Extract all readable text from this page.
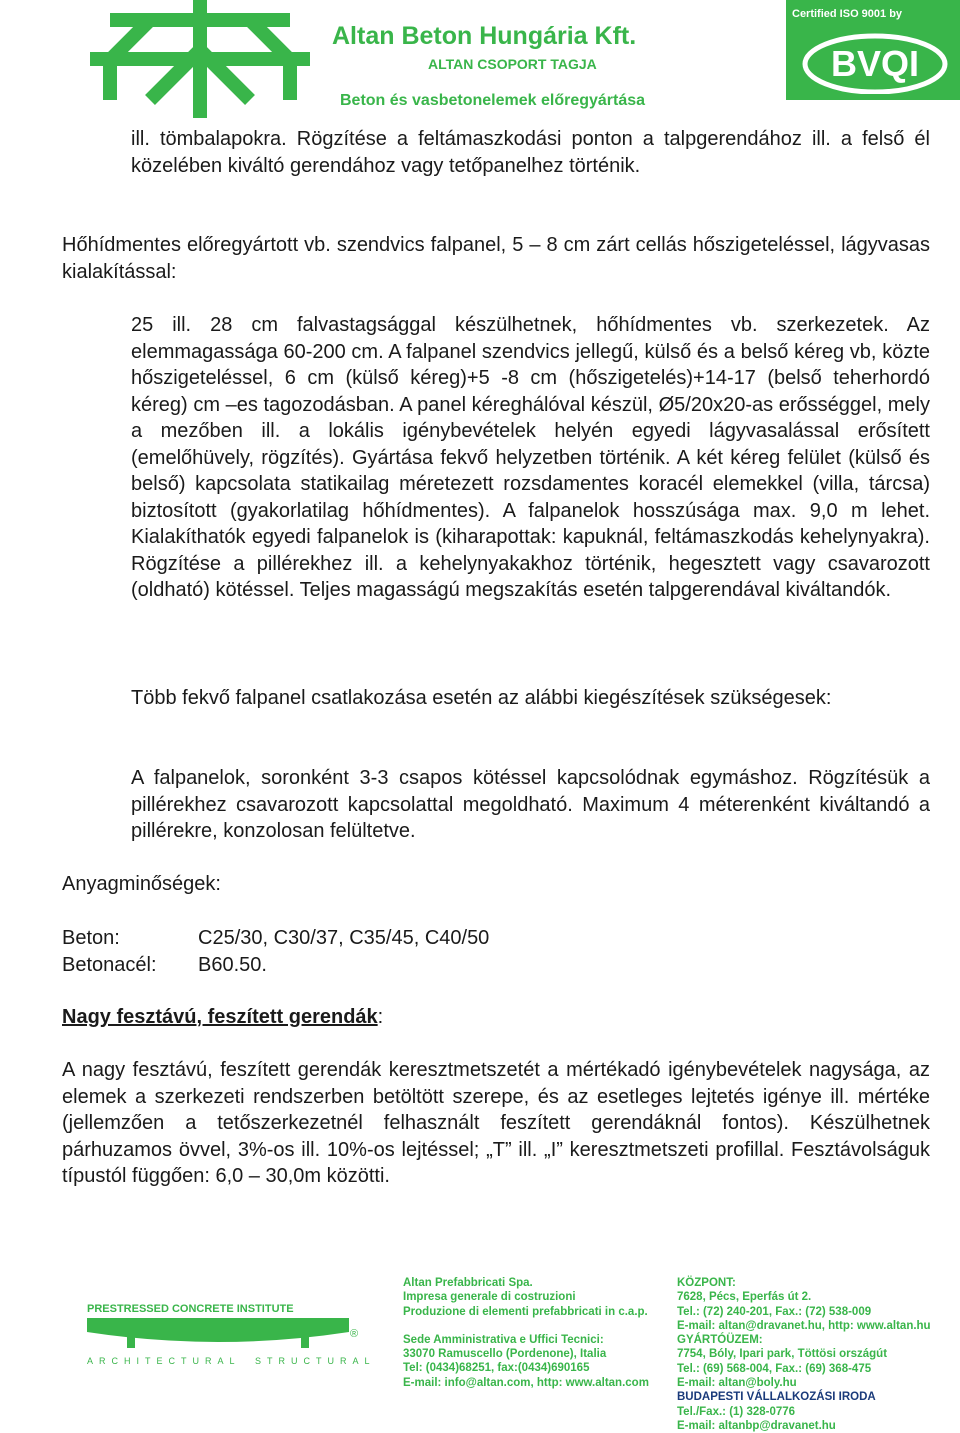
Altan Beton Hungária Kft.
ALTAN CSOPORT TAGJA
Beton és vasbetonelemek előregyártása
Certified ISO 9001 by
BVQI
ill. tömbalapokra. Rögzítése a feltámaszkodási ponton a talpgerendához ill. a felső él közelében kiváltó gerendához vagy tetőpanelhez történik.
Hőhídmentes előregyártott vb. szendvics falpanel, 5 – 8 cm zárt cellás hőszigeteléssel, lágyvasas kialakítással:
25 ill. 28 cm falvastagsággal készülhetnek, hőhídmentes vb. szerkezetek. Az elemmagassága 60-200 cm. A falpanel szendvics jellegű, külső és a belső kéreg vb, közte hőszigeteléssel, 6 cm (külső kéreg)+5 -8 cm (hőszigetelés)+14-17 (belső teherhordó kéreg) cm –es tagozodásban. A panel kéreghálóval készül, Ø5/20x20-as erősséggel, mely a mezőben ill. a lokális igénybevételek helyén egyedi lágyvasalással erősített (emelőhüvely, rögzítés). Gyártása fekvő helyzetben történik. A két kéreg felület (külső és belső) kapcsolata statikailag méretezett rozsdamentes koracél elemekkel (villa, tárcsa) biztosított (gyakorlatilag hőhídmentes). A falpanelok hosszúsága max. 9,0 m lehet. Kialakíthatók egyedi falpanelok is (kiharapottak: kapuknál, feltámaszkodás kehelynyakra). Rögzítése a pillérekhez ill. a kehelynyakakhoz történik, hegesztett vagy csavarozott (oldható) kötéssel. Teljes magasságú megszakítás esetén talpgerendával kiváltandók.
Több fekvő falpanel csatlakozása esetén az alábbi kiegészítések szükségesek:
A falpanelok, soronként 3-3 csapos kötéssel kapcsolódnak egymáshoz. Rögzítésük a pillérekhez csavarozott kapcsolattal megoldható. Maximum 4 méterenként kiváltandó a pillérekre, konzolosan felültetve.
Anyagminőségek:
Beton:	C25/30, C30/37, C35/45, C40/50
Betonacél: B60.50.
Nagy fesztávú, feszített gerendák:
A nagy fesztávú, feszített gerendák keresztmetszetét a mértékadó igénybevételek nagysága, az elemek a szerkezeti rendszerben betöltött szerepe, és az esetleges lejtetés igénye ill. mértéke (jellemzően a tetőszerkezetnél felhasznált feszített gerendáknál fontos). Készülhetnek párhuzamos övvel, 3%-os ill. 10%-os lejtéssel; „T” ill. „I” keresztmetszeti profillal. Fesztávolságuk típustól függően: 6,0 – 30,0m közötti.
PRESTRESSED CONCRETE INSTITUTE
®
ARCHITECTURAL STRUCTURAL
Altan Prefabbricati Spa.
Impresa generale di costruzioni
Produzione di elementi prefabbricati in c.a.p.
Sede Amministrativa e Uffici Tecnici:
33070 Ramuscello (Pordenone), Italia
Tel: (0434)68251, fax:(0434)690165
E-mail: info@altan.com, http: www.altan.com
KÖZPONT:
7628, Pécs, Eperfás út 2.
Tel.: (72) 240-201, Fax.: (72) 538-009
E-mail: altan@dravanet.hu, http: www.altan.hu
GYÁRTÓÜZEM:
7754, Bóly, Ipari park, Töttösi országút
Tel.: (69) 568-004, Fax.: (69) 368-475
E-mail: altan@boly.hu
BUDAPESTI VÁLLALKOZÁSI IRODA
Tel./Fax.: (1) 328-0776
E-mail: altanbp@dravanet.hu
